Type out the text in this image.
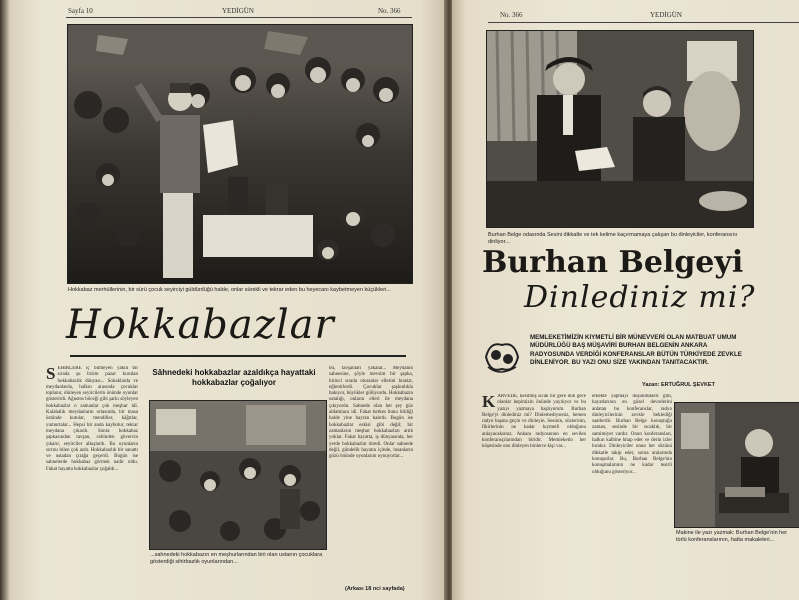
Sayfa 10	YEDİGÜN	No. 366
Hokkabaz merhüllerinin, bir sürü çocuk seyirciyi güldürdüğü halde, onlar sürekli ve tekrar eden bu heyecanı kaybetmeyen küçükleri...
Hokkabazlar
S EHİRLERE iç bilmeyen yakın bir sırada şu bizim pazar kurulan hokkabazlık dünyası... Sokaklarda ve meydanlarda, halkın arasında çocuklar toplanır, dinleyen seyircilerin önünde oyunlar gösterirdi. Ağustos böceği gibi şarkı söyleyen hokkabazlar o zamanlar çok meşhur idi. Kalabalık meydanların ortasında, bir masa üstünde kutular, mendiller, kâğıtlar, yumurtalar... Hepsi bir anda kaybolur, tekrar meydana çıkardı. Sonra hokkabaz şapkasından tavşan, cebinden güvercin çıkarır, seyirciler alkışlardı. Bu oyunların sırrını bilen çok azdı. Hokkabazlık bir sanattı ve ustadan çırağa geçerdi. Bugün ise sahnelerde hokkabaz görmek nadir oldu. Fakat hayatta hokkabazlar çoğaldı...
Sâhnedeki hokkabazlar azaldıkça hayattaki hokkabazlar çoğalıyor
...sahnedeki hokkabazın en meşhurlarından biri olan ustanın çocuklara gösterdiği sihirbazlık oyunlarından...
bu, tavşanları yakalar... Meydanın sahnesine, şöyle mevsim bir şapka, birinci sırada oturanlar ellerini bırakır, eğlenirlerdi. Çocuklar şaşkınlıkla bakıyor, büyükler gülüyordu. Hokkabazın ustalığı, onların elleri ile meydana çıkıyordu. Sahnede olan her şey göz aldatmaca idi. Fakat herkes bunu bildiği halde yine hayran kalırdı. Bugün ise hokkabazlar eskisi gibi değil; bir zamanların meşhur hokkabazları artık yoklar. Fakat hayatta, iş dünyasında, her yerde hokkabazlar türedi. Onlar sahnede değil, gündelik hayatın içinde, insanların gözü önünde oyunlarını oynuyorlar...
(Arkası 18 nci sayfada)
No. 366	YEDİGÜN
Burhan Belge odasında Sesini dikkatle ve tek kelime kaçırmamaya çalışan bu dinleyiciler, konferansını dinliyor...
Burhan Belgeyi
Dinlediniz mi?
MEMLEKETİMİZİN KIYMETLİ BİR MÜNEVVERİ OLAN MATBUAT UMUM MÜDÜRLÜĞÜ BAŞ MÜŞAVİRİ BURHAN BELGENİN ANKARA RADYOSUNDA VERDİĞİ KONFERANSLAR BÜTÜN TÜRKİYEDE ZEVKLE DİNLENİYOR. BU YAZI ONU SİZE YAKINDAN TANITACAKTIR.
Yazan: ERTUĞRUL ŞEVKET
K ARVEDE, kesilmiş sıcak bir gece dün gece olanlar hepimizin önünde yayılıyor ve bu yazıyı yazmaya başlıyorum. Burhan Belge'yi dinlediniz mi? Dinlemediyseniz, hemen radyo başına geçin ve dinleyin. Sesinin, sözlerinin, fikirlerinin ne kadar kıymetli olduğunu anlayacaksınız. Ankara radyosunun en sevilen konferansçılarından biridir. Memleketin her köşesinde onu dinleyen binlerce kişi var...
erkekte yapmayı düşündükleri gibi, hayatlarının en güzel devrelerini anlatan bu konferanslar, radyo dinleyicilerinin zevkle beklediği saatlerdir. Burhan Belge konuştuğu zaman, sesinde bir sıcaklık, bir samimiyet vardır. Onun konferansları, halkın kalbine hitap eder ve derin izler bırakır. Dinleyiciler onun her sözünü dikkatle takip eder, sonra aralarında konuşurlar. Bu, Burhan Belge'nin konuşmalarının ne kadar tesirli olduğunu gösteriyor...
Makine ile yazı yazmak: Burhan Belge'nin her türlü konferanslarının, hatta makaleleri...
